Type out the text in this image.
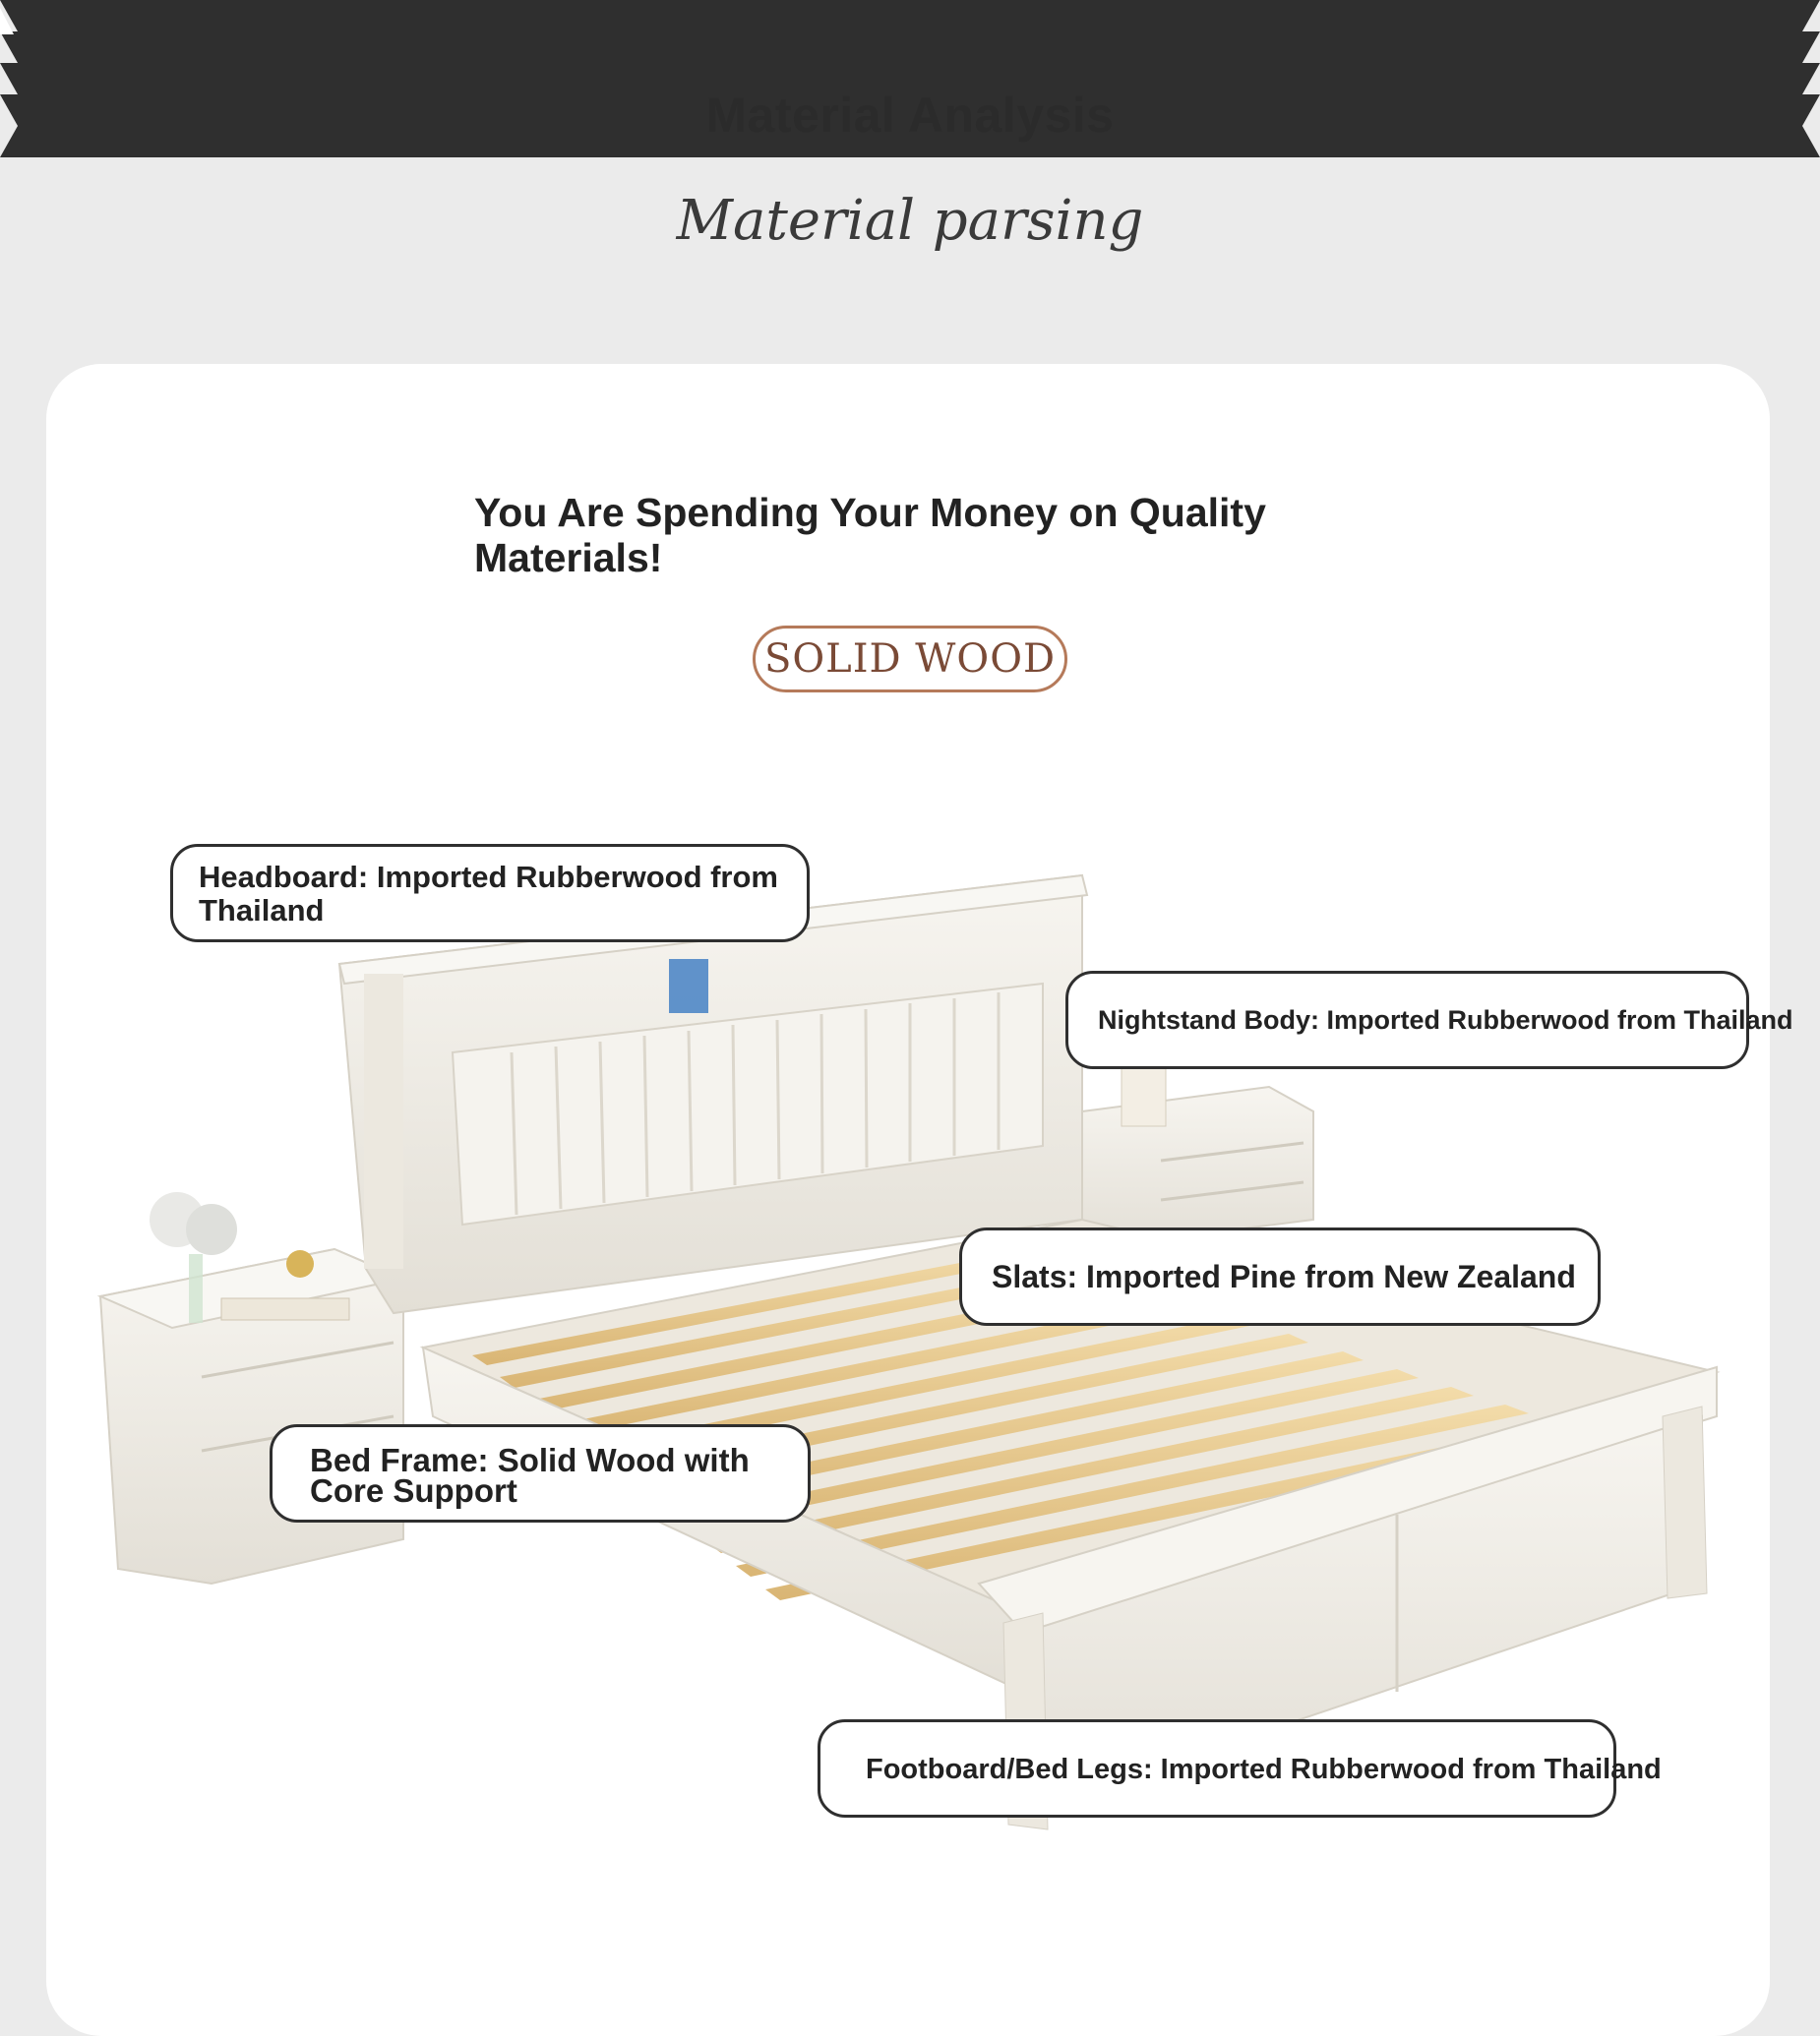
Material Analysis
Material parsing
You Are Spending Your Money on Quality Materials!
SOLID WOOD
Headboard: Imported Rubberwood from Thailand
Nightstand Body: Imported Rubberwood from Thailand
Slats: Imported Pine from New Zealand
Bed Frame: Solid Wood with Core Support
Footboard/Bed Legs: Imported Rubberwood from Thailand
